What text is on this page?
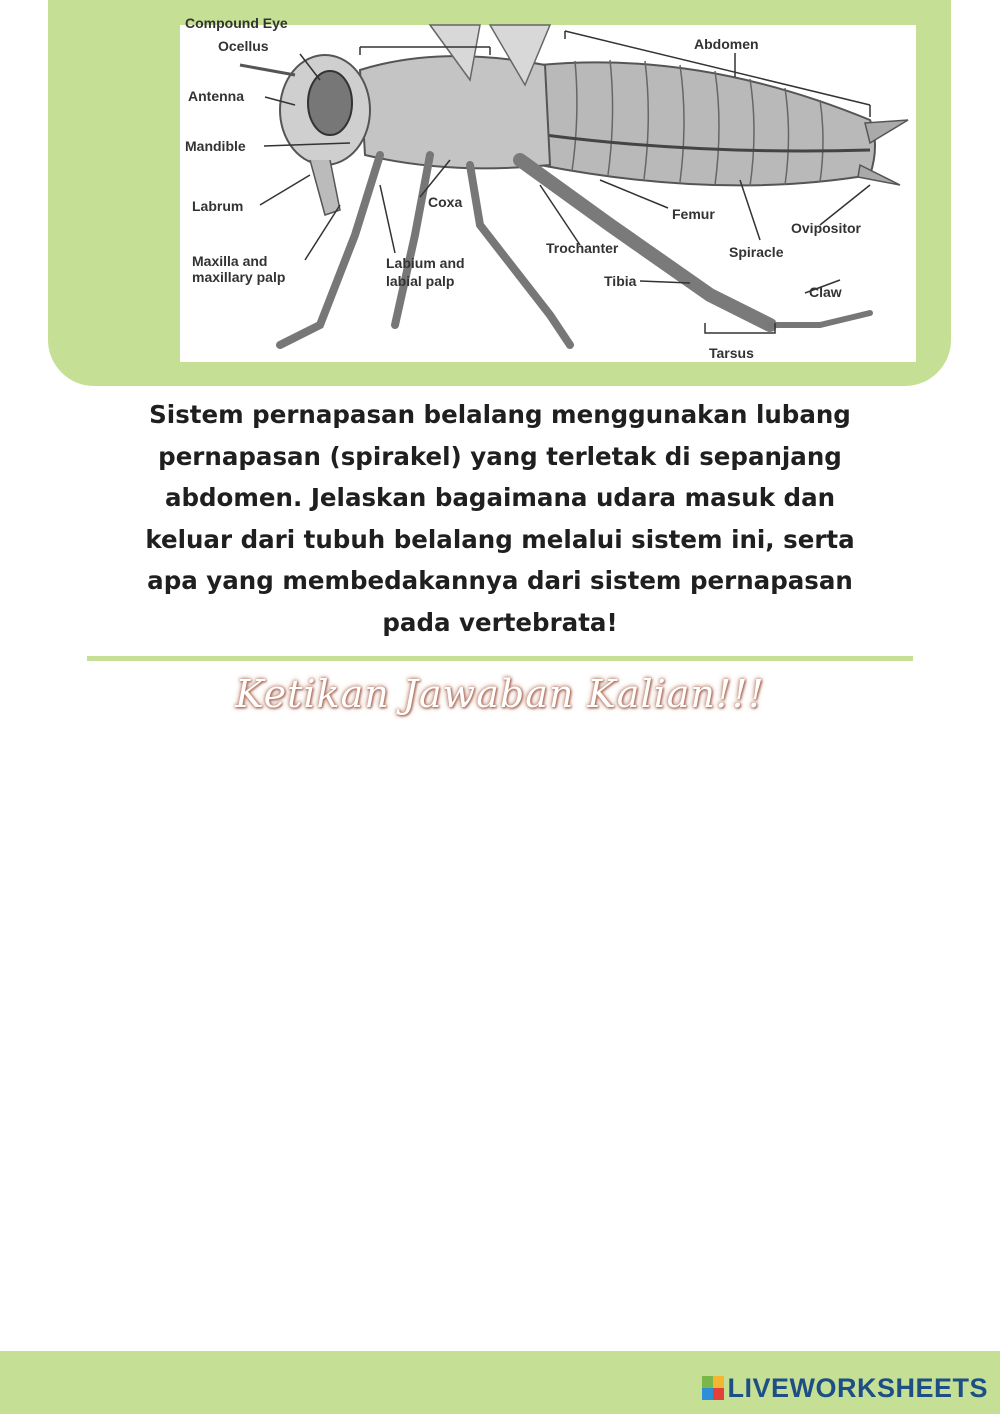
Compound Eye
Ocellus
Antenna
Mandible
Labrum
Maxilla and
maxillary palp
Coxa
Labium and
labial palp
Abdomen
Femur
Ovipositor
Trochanter	Spiracle
Tibia
Claw
Tarsus

Sistem pernapasan belalang menggunakan lubang pernapasan (spirakel) yang terletak di sepanjang abdomen. Jelaskan bagaimana udara masuk dan keluar dari tubuh belalang melalui sistem ini, serta apa yang membedakannya dari sistem pernapasan pada vertebrata!

Ketikan Jawaban Kalian!!!
LIVEWORKSHEETS
